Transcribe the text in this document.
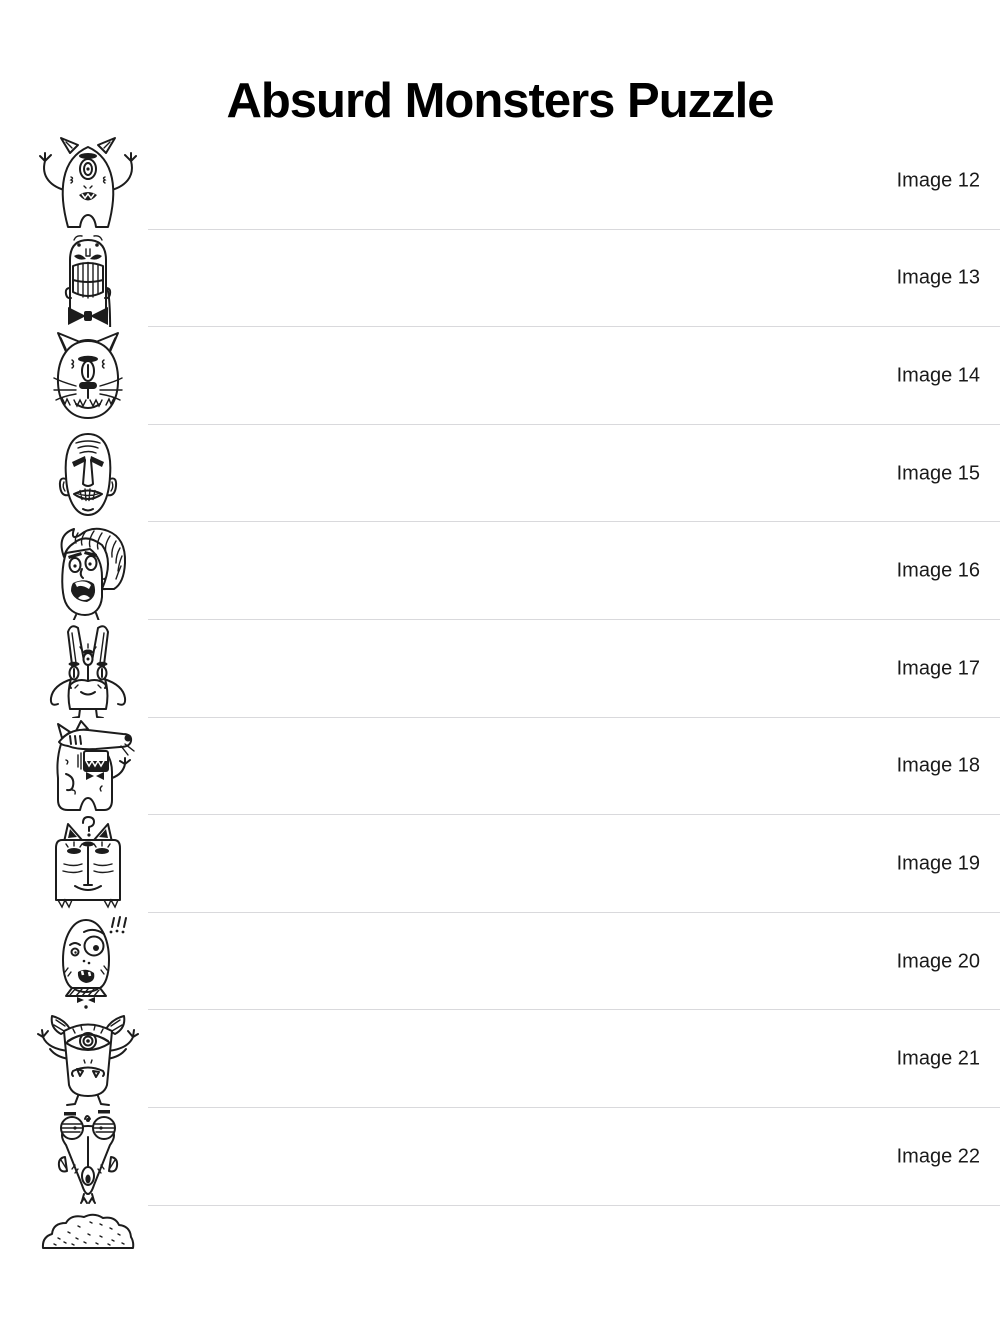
Absurd Monsters Puzzle
Image 12
Image 13
Image 14
Image 15
Image 16
Image 17
Image 18
Image 19
Image 20
Image 21
Image 22
